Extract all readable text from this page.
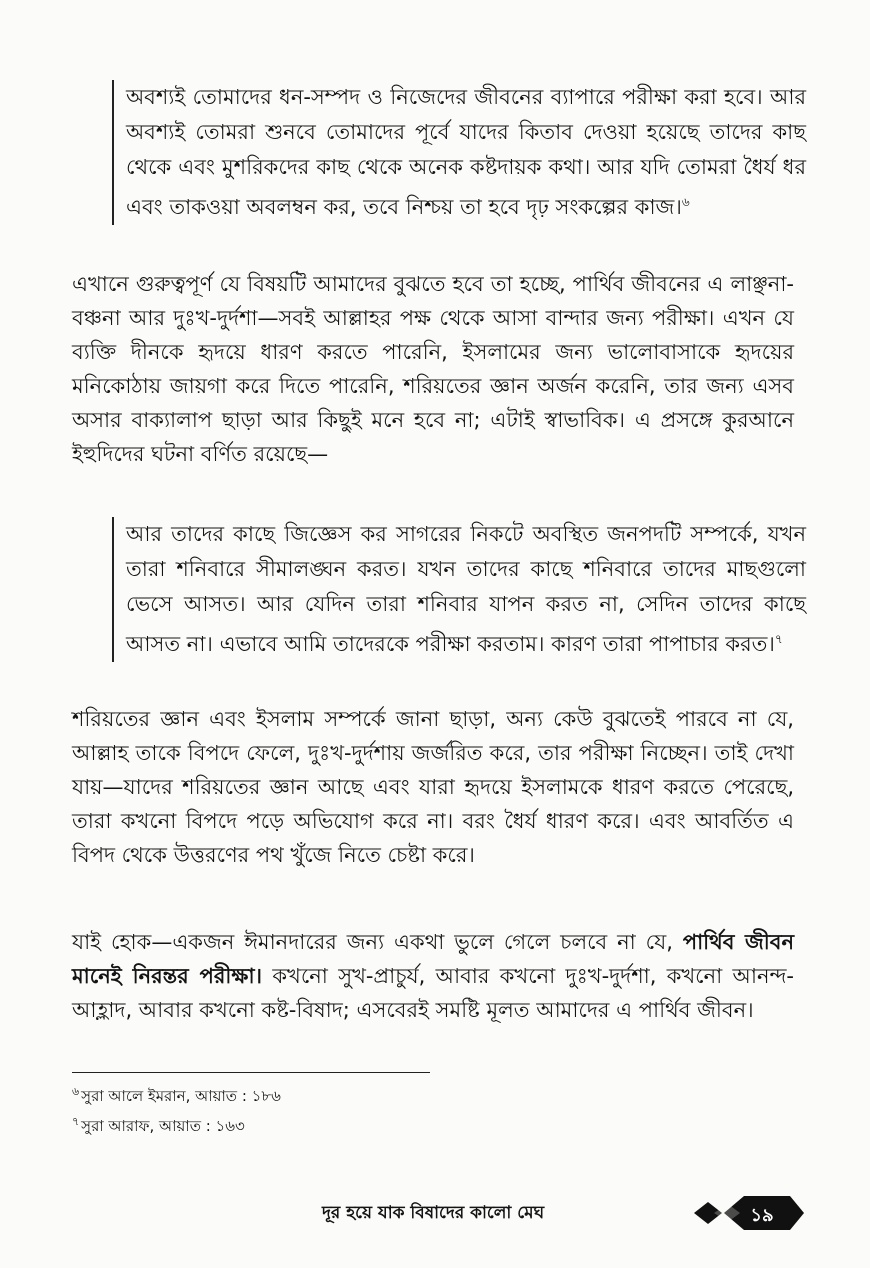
অবশ্যই তোমাদের ধন-সম্পদ ও নিজেদের জীবনের ব্যাপারে পরীক্ষা করা হবে। আর অবশ্যই তোমরা শুনবে তোমাদের পূর্বে যাদের কিতাব দেওয়া হয়েছে তাদের কাছ থেকে এবং মুশরিকদের কাছ থেকে অনেক কষ্টদায়ক কথা। আর যদি তোমরা ধৈর্য ধর এবং তাকওয়া অবলম্বন কর, তবে নিশ্চয় তা হবে দৃঢ় সংকল্পের কাজ।$^৬$
এখানে গুরুত্বপূর্ণ যে বিষয়টি আমাদের বুঝতে হবে তা হচ্ছে, পার্থিব জীবনের এ লাঞ্ছনা-বঞ্চনা আর দুঃখ-দুর্দশা—সবই আল্লাহর পক্ষ থেকে আসা বান্দার জন্য পরীক্ষা। এখন যে ব্যক্তি দীনকে হৃদয়ে ধারণ করতে পারেনি, ইসলামের জন্য ভালোবাসাকে হৃদয়ের মনিকোঠায় জায়গা করে দিতে পারেনি, শরিয়তের জ্ঞান অর্জন করেনি, তার জন্য এসব অসার বাক্যালাপ ছাড়া আর কিছুই মনে হবে না; এটাই স্বাভাবিক। এ প্রসঙ্গে কুরআনে ইহুদিদের ঘটনা বর্ণিত রয়েছে—
আর তাদের কাছে জিজ্ঞেস কর সাগরের নিকটে অবস্থিত জনপদটি সম্পর্কে, যখন তারা শনিবারে সীমালঙ্ঘন করত। যখন তাদের কাছে শনিবারে তাদের মাছগুলো ভেসে আসত। আর যেদিন তারা শনিবার যাপন করত না, সেদিন তাদের কাছে আসত না। এভাবে আমি তাদেরকে পরীক্ষা করতাম। কারণ তারা পাপাচার করত।$^৭$
শরিয়তের জ্ঞান এবং ইসলাম সম্পর্কে জানা ছাড়া, অন্য কেউ বুঝতেই পারবে না যে, আল্লাহ তাকে বিপদে ফেলে, দুঃখ-দুর্দশায় জর্জরিত করে, তার পরীক্ষা নিচ্ছেন। তাই দেখা যায়—যাদের শরিয়তের জ্ঞান আছে এবং যারা হৃদয়ে ইসলামকে ধারণ করতে পেরেছে, তারা কখনো বিপদে পড়ে অভিযোগ করে না। বরং ধৈর্য ধারণ করে। এবং আবর্তিত এ বিপদ থেকে উত্তরণের পথ খুঁজে নিতে চেষ্টা করে।
যাই হোক—একজন ঈমানদারের জন্য একথা ভুলে গেলে চলবে না যে, পার্থিব জীবন মানেই নিরন্তর পরীক্ষা। কখনো সুখ-প্রাচুর্য, আবার কখনো দুঃখ-দুর্দশা, কখনো আনন্দ-আহ্লাদ, আবার কখনো কষ্ট-বিষাদ; এসবেরই সমষ্টি মূলত আমাদের এ পার্থিব জীবন।
$^৬$ সুরা আলে ইমরান, আয়াত : ১৮৬
$^৭$ সুরা আরাফ, আয়াত : ১৬৩
দূর হয়ে যাক বিষাদের কালো মেঘ	১৯
